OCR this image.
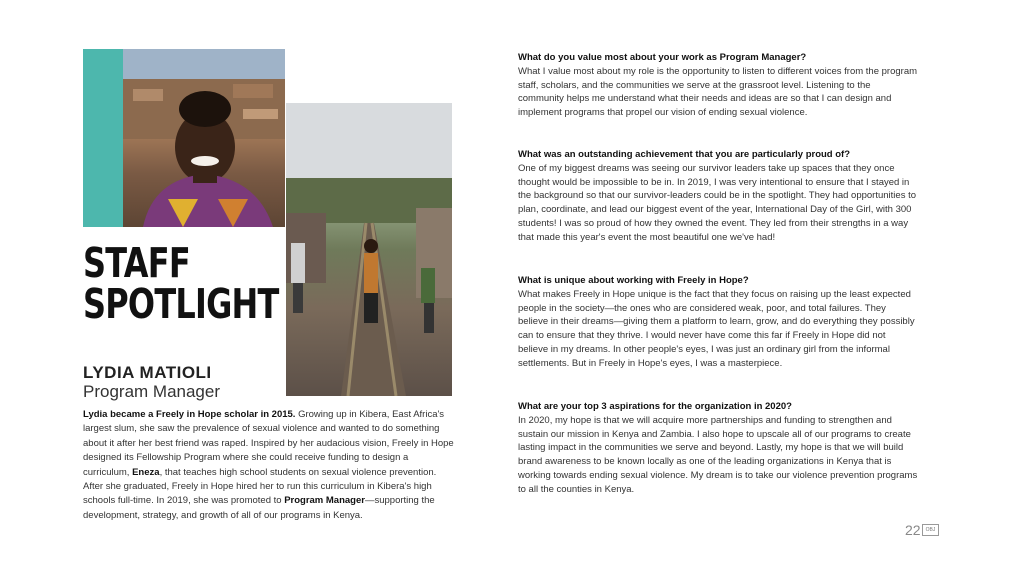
STAFF
SPOTLIGHT
LYDIA MATIOLI
Program Manager
Lydia became a Freely in Hope scholar in 2015. Growing up in Kibera, East Africa's largest slum, she saw the prevalence of sexual violence and wanted to do something about it after her best friend was raped. Inspired by her audacious vision, Freely in Hope designed its Fellowship Program where she could receive funding to design a curriculum, Eneza, that teaches high school students on sexual violence prevention. After she graduated, Freely in Hope hired her to run this curriculum in Kibera's high schools full-time. In 2019, she was promoted to Program Manager—supporting the development, strategy, and growth of all of our programs in Kenya.
What do you value most about your work as Program Manager?
What I value most about my role is the opportunity to listen to different voices from the program staff, scholars, and the communities we serve at the grassroot level. Listening to the community helps me understand what their needs and ideas are so that I can design and implement programs that propel our vision of ending sexual violence.
What was an outstanding achievement that you are particularly proud of?
One of my biggest dreams was seeing our survivor leaders take up spaces that they once thought would be impossible to be in. In 2019, I was very intentional to ensure that I stayed in the background so that our survivor-leaders could be in the spotlight. They had opportunities to plan, coordinate, and lead our biggest event of the year, International Day of the Girl, with 300 students! I was so proud of how they owned the event. They led from their strengths in a way that made this year's event the most beautiful one we've had!
What is unique about working with Freely in Hope?
What makes Freely in Hope unique is the fact that they focus on raising up the least expected people in the society—the ones who are considered weak, poor, and total failures. They believe in their dreams—giving them a platform to learn, grow, and do everything they possibly can to ensure that they thrive. I would never have come this far if Freely in Hope did not believe in my dreams. In other people's eyes, I was just an ordinary girl from the informal settlements. But in Freely in Hope's eyes, I was a masterpiece.
What are your top 3 aspirations for the organization in 2020?
In 2020, my hope is that we will acquire more partnerships and funding to strengthen and sustain our mission in Kenya and Zambia. I also hope to upscale all of our programs to create lasting impact in the communities we serve and beyond. Lastly, my hope is that we will build brand awareness to be known locally as one of the leading organizations in Kenya that is working towards ending sexual violence. My dream is to take our violence prevention programs to all the counties in Kenya.
22	OBJ
